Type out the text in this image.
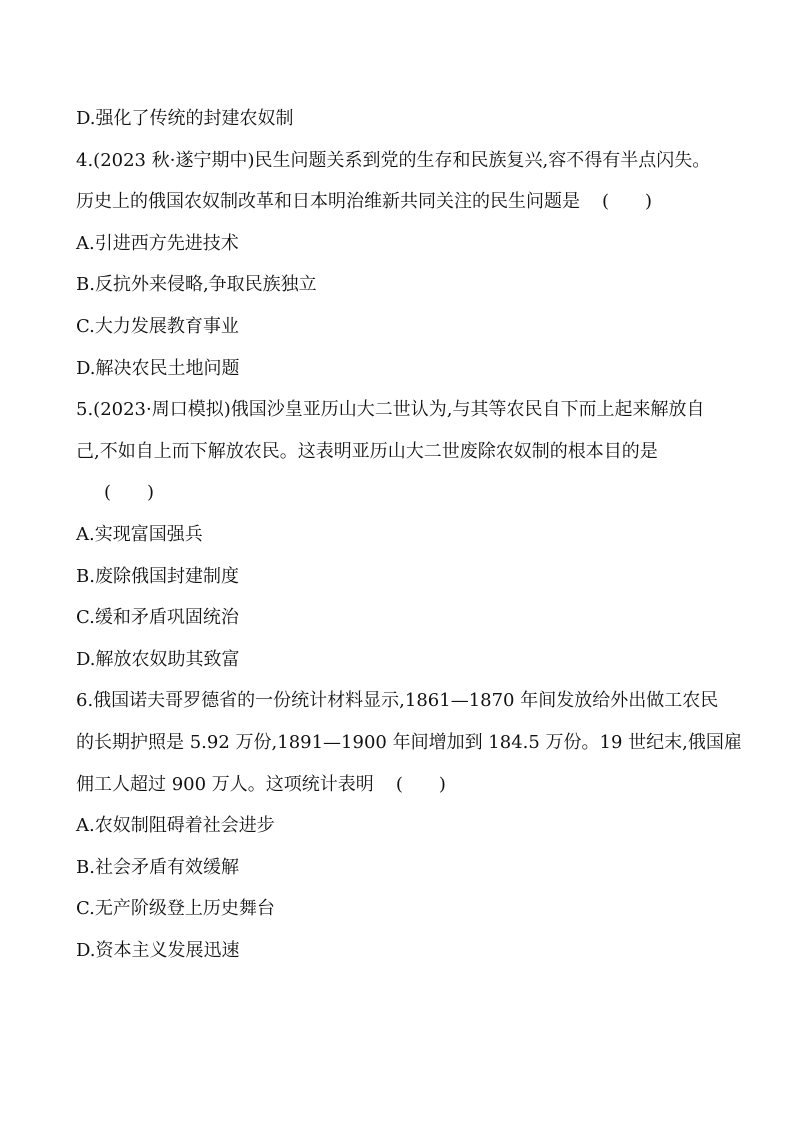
D.强化了传统的封建农奴制
4.(2023 秋·遂宁期中)民生问题关系到党的生存和民族复兴,容不得有半点闪失。
历史上的俄国农奴制改革和日本明治维新共同关注的民生问题是 (　　)
A.引进西方先进技术
B.反抗外来侵略,争取民族独立
C.大力发展教育事业
D.解决农民土地问题
5.(2023·周口模拟)俄国沙皇亚历山大二世认为,与其等农民自下而上起来解放自
己,不如自上而下解放农民。这表明亚历山大二世废除农奴制的根本目的是
(　　)
A.实现富国强兵
B.废除俄国封建制度
C.缓和矛盾巩固统治
D.解放农奴助其致富
6.俄国诺夫哥罗德省的一份统计材料显示,1861—1870 年间发放给外出做工农民
的长期护照是 5.92 万份,1891—1900 年间增加到 184.5 万份。19 世纪末,俄国雇
佣工人超过 900 万人。这项统计表明 (　　)
A.农奴制阻碍着社会进步
B.社会矛盾有效缓解
C.无产阶级登上历史舞台
D.资本主义发展迅速
